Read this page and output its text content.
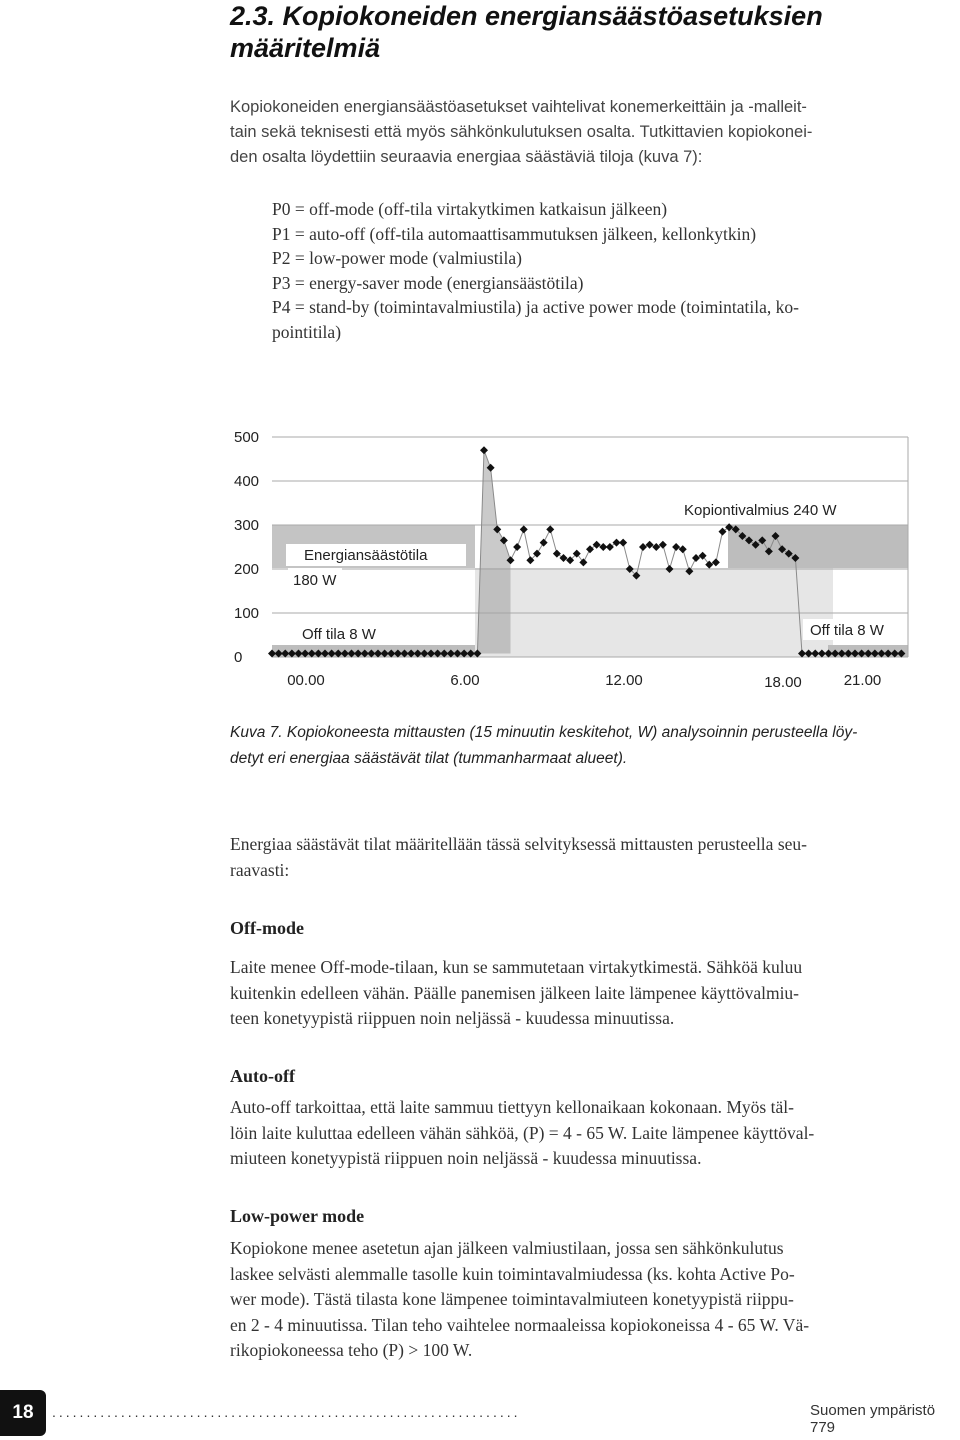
2.3. Kopiokoneiden energiansäästöasetuksien
määritelmiä
Kopiokoneiden energiansäästöasetukset vaihtelivat konemerkeittäin ja -malleit-
tain sekä teknisesti että myös sähkönkulutuksen osalta. Tutkittavien kopiokonei-
den osalta löydettiin seuraavia energiaa säästäviä tiloja (kuva 7):
P0 = off-mode (off-tila virtakytkimen katkaisun jälkeen)
P1 = auto-off (off-tila automaattisammutuksen jälkeen, kellonkytkin)
P2 = low-power mode (valmiustila)
P3 = energy-saver mode (energiansäästötila)
P4 = stand-by (toimintavalmiustila) ja active power mode (toimintatila, ko-
pointitila)
0
100
200
300
400
500
00.00	6.00	12.00	18.00	21.00
Energiansäästötila
180 W
Kopiontivalmius 240 W
Off tila 8 W	Off tila 8 W
Kuva 7. Kopiokoneesta mittausten (15 minuutin keskitehot, W) analysoinnin perusteella löy-
detyt eri energiaa säästävät tilat (tummanharmaat alueet).
Energiaa säästävät tilat määritellään tässä selvityksessä mittausten perusteella seu-
raavasti:
Off-mode
Laite menee Off-mode-tilaan, kun se sammutetaan virtakytkimestä. Sähköä kuluu
kuitenkin edelleen vähän. Päälle panemisen jälkeen laite lämpenee käyttövalmiu-
teen konetyypistä riippuen noin neljässä - kuudessa minuutissa.
Auto-off
Auto-off tarkoittaa, että laite sammuu tiettyyn kellonaikaan kokonaan. Myös täl-
löin laite kuluttaa edelleen vähän sähköä, (P) = 4 - 65 W. Laite lämpenee käyttöval-
miuteen konetyypistä riippuen noin neljässä - kuudessa minuutissa.
Low-power mode
Kopiokone menee asetetun ajan jälkeen valmiustilaan, jossa sen sähkönkulutus
laskee selvästi alemmalle tasolle kuin toimintavalmiudessa (ks. kohta Active Po-
wer mode). Tästä tilasta kone lämpenee toimintavalmiuteen konetyypistä riippu-
en 2 - 4 minuutissa. Tilan teho vaihtelee normaaleissa kopiokoneissa 4 - 65 W. Vä-
rikopiokoneessa teho (P) > 100 W.
18	....................................................................	Suomen ympäristö 779
